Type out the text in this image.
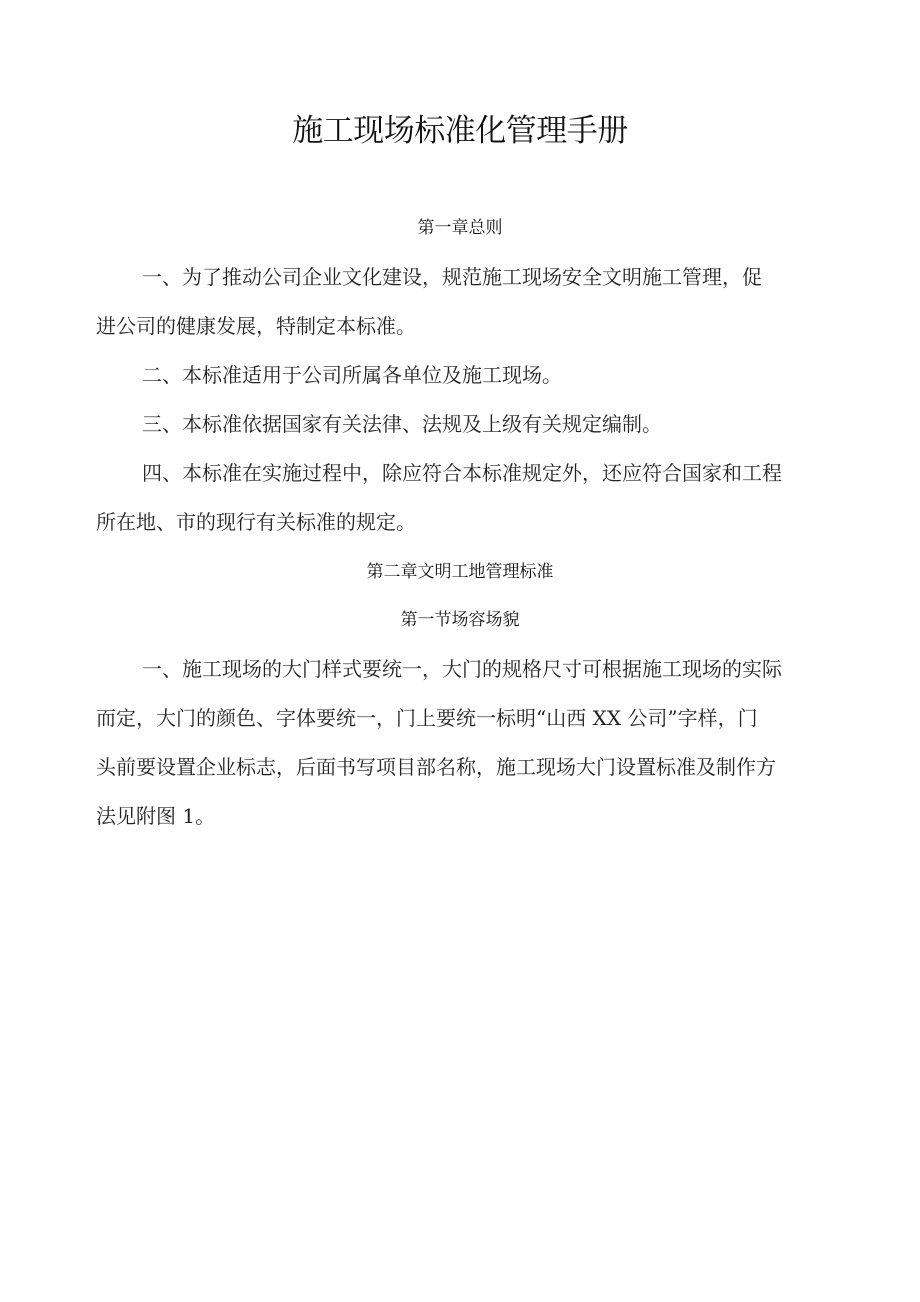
施工现场标准化管理手册
第一章总则
一、为了推动公司企业文化建设，规范施工现场安全文明施工管理，促
进公司的健康发展，特制定本标准。
二、本标准适用于公司所属各单位及施工现场。
三、本标准依据国家有关法律、法规及上级有关规定编制。
四、本标准在实施过程中，除应符合本标准规定外，还应符合国家和工程
所在地、市的现行有关标准的规定。
第二章文明工地管理标准
第一节场容场貌
一、施工现场的大门样式要统一，大门的规格尺寸可根据施工现场的实际
而定，大门的颜色、字体要统一，门上要统一标明“山西 XX 公司”字样，门
头前要设置企业标志，后面书写项目部名称，施工现场大门设置标准及制作方
法见附图 1。
